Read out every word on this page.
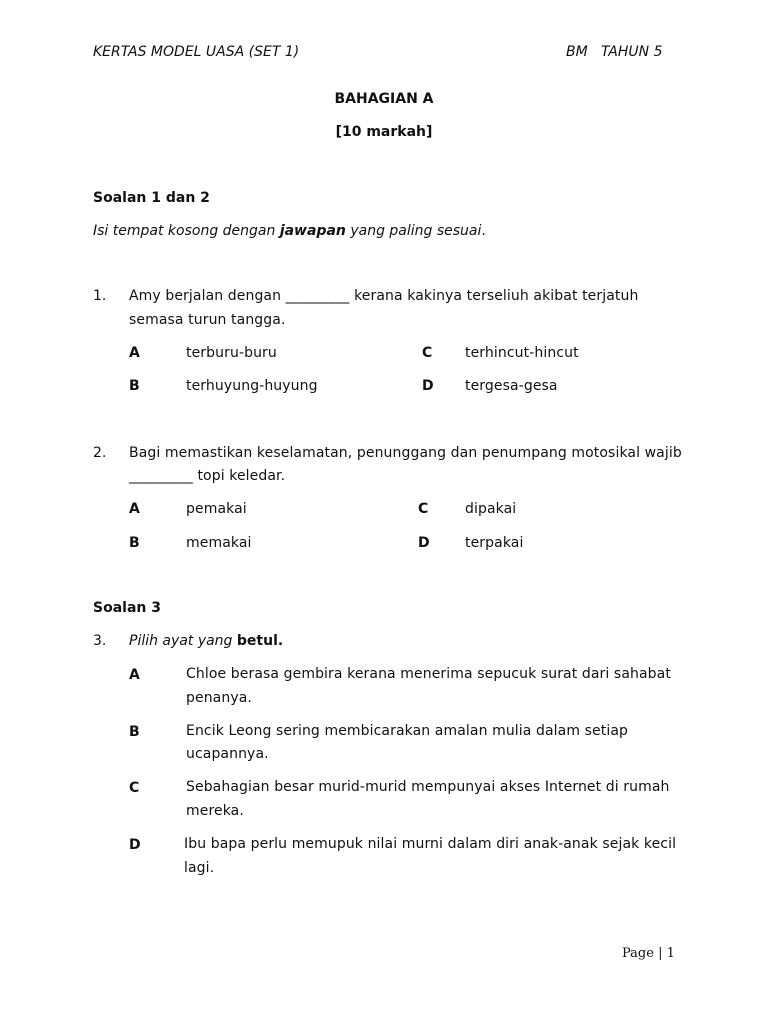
KERTAS MODEL UASA (SET 1)	BM   TAHUN 5
BAHAGIAN A
[10 markah]
Soalan 1 dan 2
Isi tempat kosong dengan jawapan yang paling sesuai.
1. Amy berjalan dengan _________ kerana kakinya terseliuh akibat terjatuh
semasa turun tangga.
A	terburu-buru	C terhincut-hincut
B	terhuyung-huyung	D tergesa-gesa
2. Bagi memastikan keselamatan, penunggang dan penumpang motosikal wajib
_________ topi keledar.
A	pemakai	C	dipakai
B	memakai	D	terpakai
Soalan 3
3. Pilih ayat yang betul.
A	Chloe berasa gembira kerana menerima sepucuk surat dari sahabat
penanya.
B	Encik Leong sering membicarakan amalan mulia dalam setiap
ucapannya.
C	Sebahagian besar murid-murid mempunyai akses Internet di rumah
mereka.
D	Ibu bapa perlu memupuk nilai murni dalam diri anak-anak sejak kecil
lagi.
Page | 1
